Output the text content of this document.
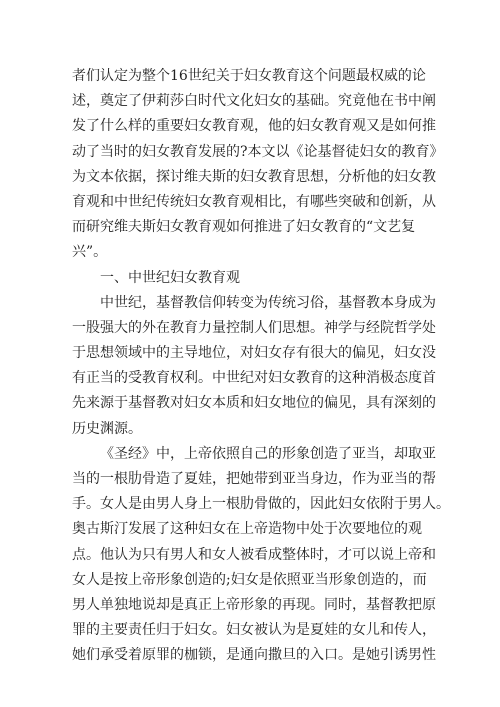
者们认定为整个16世纪关于妇女教育这个问题最权威的论
述，奠定了伊莉莎白时代文化妇女的基础。究竟他在书中阐
发了什么样的重要妇女教育观，他的妇女教育观又是如何推
动了当时的妇女教育发展的?本文以《论基督徒妇女的教育》
为文本依据，探讨维夫斯的妇女教育思想，分析他的妇女教
育观和中世纪传统妇女教育观相比，有哪些突破和创新，从
而研究维夫斯妇女教育观如何推进了妇女教育的“文艺复
兴”。
一、中世纪妇女教育观
中世纪，基督教信仰转变为传统习俗，基督教本身成为
一股强大的外在教育力量控制人们思想。神学与经院哲学处
于思想领域中的主导地位，对妇女存有很大的偏见，妇女没
有正当的受教育权利。中世纪对妇女教育的这种消极态度首
先来源于基督教对妇女本质和妇女地位的偏见，具有深刻的
历史渊源。
《圣经》中，上帝依照自己的形象创造了亚当，却取亚
当的一根肋骨造了夏娃，把她带到亚当身边，作为亚当的帮
手。女人是由男人身上一根肋骨做的，因此妇女依附于男人。
奥古斯汀发展了这种妇女在上帝造物中处于次要地位的观
点。他认为只有男人和女人被看成整体时，才可以说上帝和
女人是按上帝形象创造的;妇女是依照亚当形象创造的，而
男人单独地说却是真正上帝形象的再现。同时，基督教把原
罪的主要责任归于妇女。妇女被认为是夏娃的女儿和传人，
她们承受着原罪的枷锁，是通向撒旦的入口。是她引诱男性
